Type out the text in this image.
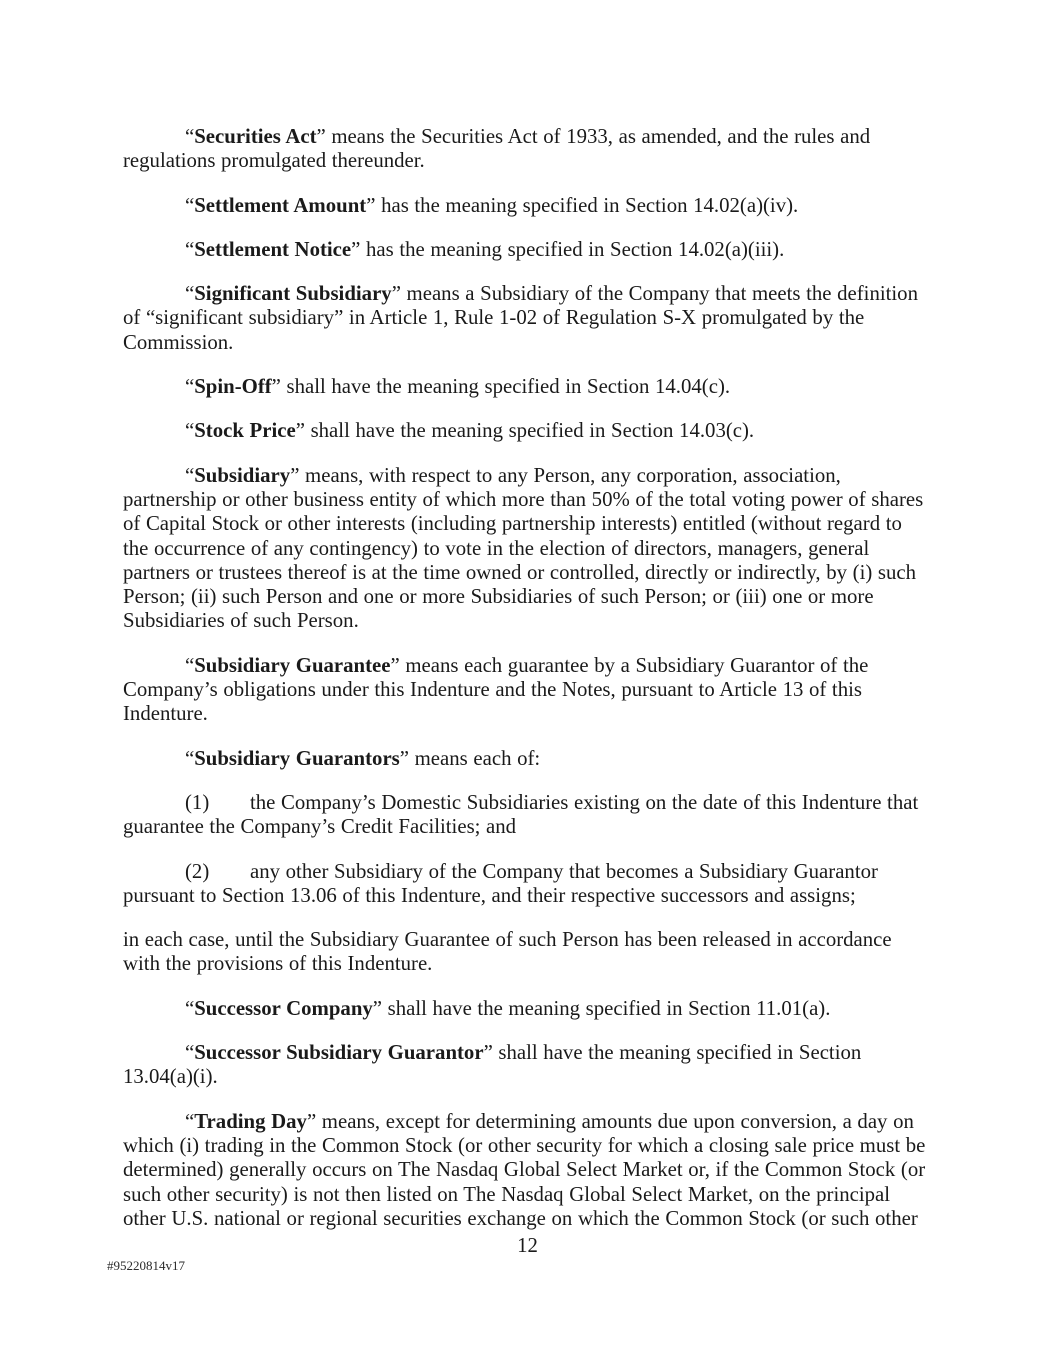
“Securities Act” means the Securities Act of 1933, as amended, and the rules and regulations promulgated thereunder.

“Settlement Amount” has the meaning specified in Section 14.02(a)(iv).

“Settlement Notice” has the meaning specified in Section 14.02(a)(iii).

“Significant Subsidiary” means a Subsidiary of the Company that meets the definition of “significant subsidiary” in Article 1, Rule 1-02 of Regulation S-X promulgated by the Commission.

“Spin-Off” shall have the meaning specified in Section 14.04(c).

“Stock Price” shall have the meaning specified in Section 14.03(c).

“Subsidiary” means, with respect to any Person, any corporation, association, partnership or other business entity of which more than 50% of the total voting power of shares of Capital Stock or other interests (including partnership interests) entitled (without regard to the occurrence of any contingency) to vote in the election of directors, managers, general partners or trustees thereof is at the time owned or controlled, directly or indirectly, by (i) such Person; (ii) such Person and one or more Subsidiaries of such Person; or (iii) one or more Subsidiaries of such Person.

“Subsidiary Guarantee” means each guarantee by a Subsidiary Guarantor of the Company’s obligations under this Indenture and the Notes, pursuant to Article 13 of this Indenture.

“Subsidiary Guarantors” means each of:

(1) the Company’s Domestic Subsidiaries existing on the date of this Indenture that guarantee the Company’s Credit Facilities; and

(2) any other Subsidiary of the Company that becomes a Subsidiary Guarantor pursuant to Section 13.06 of this Indenture, and their respective successors and assigns;

in each case, until the Subsidiary Guarantee of such Person has been released in accordance with the provisions of this Indenture.

“Successor Company” shall have the meaning specified in Section 11.01(a).

“Successor Subsidiary Guarantor” shall have the meaning specified in Section 13.04(a)(i).

“Trading Day” means, except for determining amounts due upon conversion, a day on which (i) trading in the Common Stock (or other security for which a closing sale price must be determined) generally occurs on The Nasdaq Global Select Market or, if the Common Stock (or such other security) is not then listed on The Nasdaq Global Select Market, on the principal other U.S. national or regional securities exchange on which the Common Stock (or such other

12
#95220814v17
